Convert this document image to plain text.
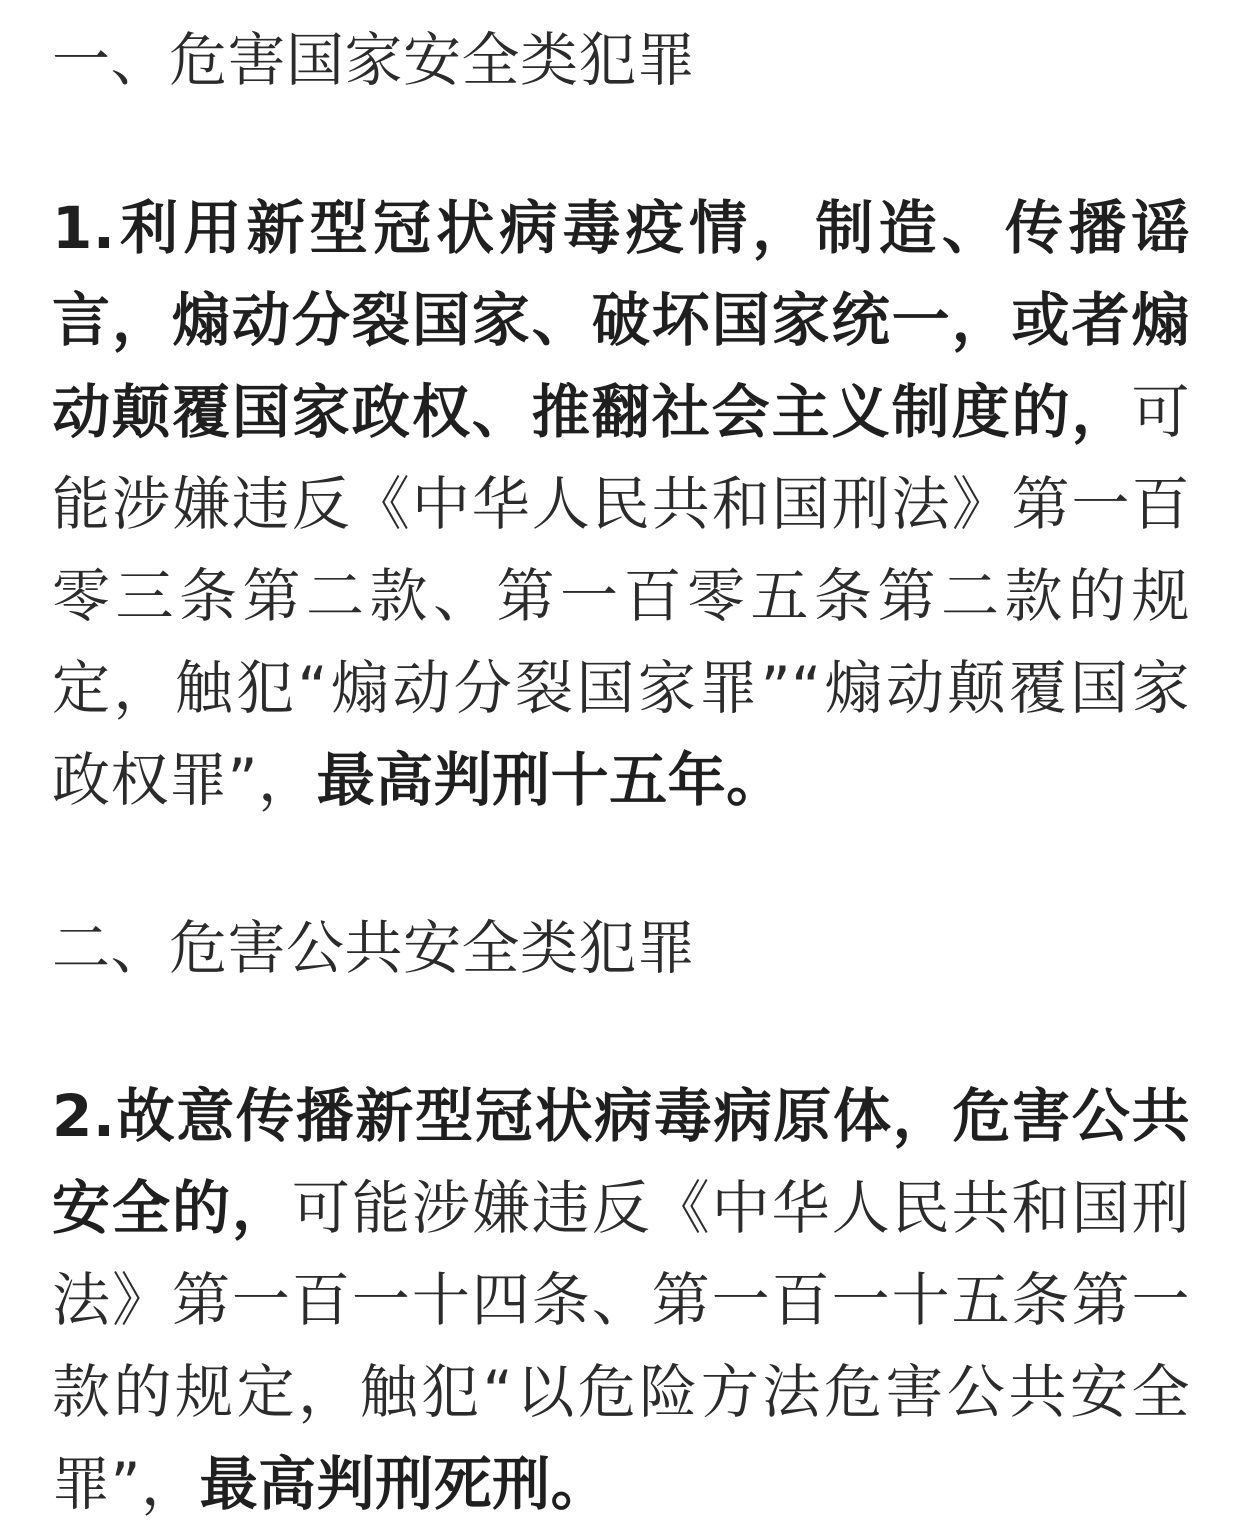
一、危害国家安全类犯罪

1.利用新型冠状病毒疫情，制造、传播谣言，煽动分裂国家、破坏国家统一，或者煽动颠覆国家政权、推翻社会主义制度的，可能涉嫌违反《中华人民共和国刑法》第一百零三条第二款、第一百零五条第二款的规定，触犯“煽动分裂国家罪”“煽动颠覆国家政权罪”，最高判刑十五年。

二、危害公共安全类犯罪

2.故意传播新型冠状病毒病原体，危害公共安全的，可能涉嫌违反《中华人民共和国刑法》第一百一十四条、第一百一十五条第一款的规定，触犯“以危险方法危害公共安全罪”，最高判刑死刑。
